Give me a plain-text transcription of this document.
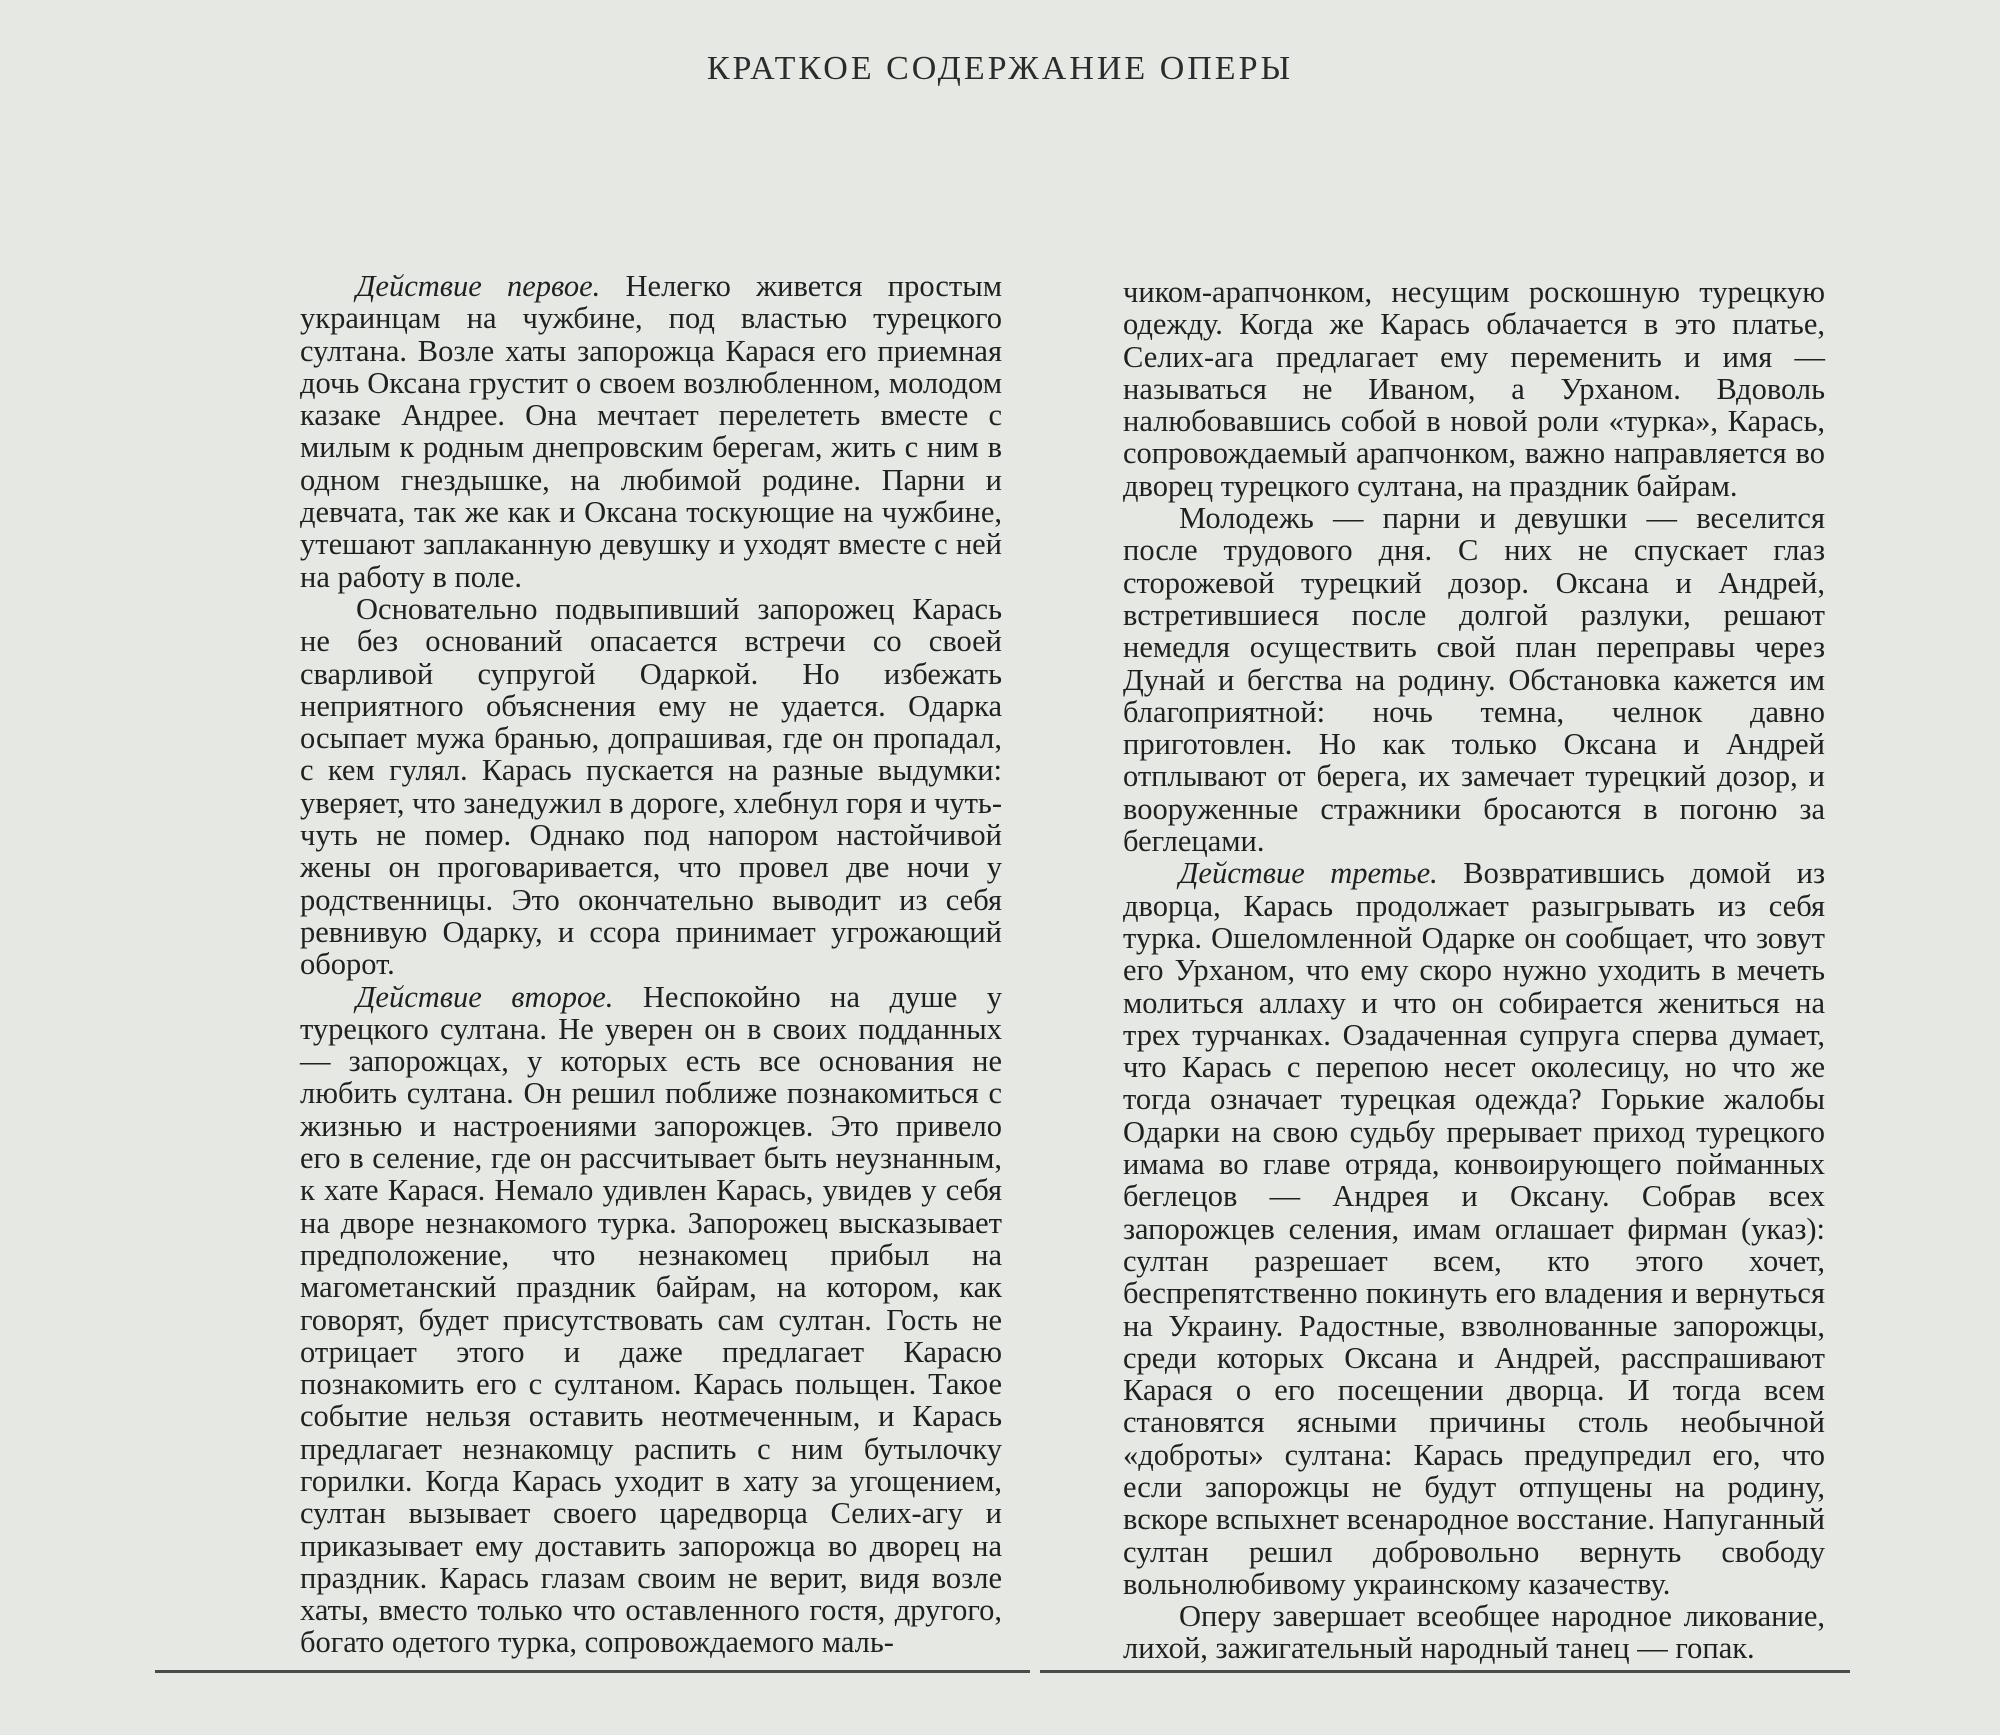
КРАТКОЕ СОДЕРЖАНИЕ ОПЕРЫ

Действие первое. Нелегко живется простым украинцам на чужбине, под властью турецкого султана. Возле хаты запорожца Карася его приемная дочь Оксана грустит о своем возлюбленном, молодом казаке Андрее. Она мечтает перелететь вместе с милым к родным днепровским берегам, жить с ним в одном гнездышке, на любимой родине. Парни и девчата, так же как и Оксана тоскующие на чужбине, утешают заплаканную девушку и уходят вместе с ней на работу в поле.

Основательно подвыпивший запорожец Карась не без оснований опасается встречи со своей сварливой супругой Одаркой. Но избежать неприятного объяснения ему не удается. Одарка осыпает мужа бранью, допрашивая, где он пропадал, с кем гулял. Карась пускается на разные выдумки: уверяет, что занедужил в дороге, хлебнул горя и чуть-чуть не помер. Однако под напором настойчивой жены он проговаривается, что провел две ночи у родственницы. Это окончательно выводит из себя ревнивую Одарку, и ссора принимает угрожающий оборот.

Действие второе. Неспокойно на душе у турецкого султана. Не уверен он в своих подданных — запорожцах, у которых есть все основания не любить султана. Он решил поближе познакомиться с жизнью и настроениями запорожцев. Это привело его в селение, где он рассчитывает быть неузнанным, к хате Карася. Немало удивлен Карась, увидев у себя на дворе незнакомого турка. Запорожец высказывает предположение, что незнакомец прибыл на магометанский праздник байрам, на котором, как говорят, будет присутствовать сам султан. Гость не отрицает этого и даже предлагает Карасю познакомить его с султаном. Карась польщен. Такое событие нельзя оставить неотмеченным, и Карась предлагает незнакомцу распить с ним бутылочку горилки. Когда Карась уходит в хату за угощением, султан вызывает своего царедворца Селих-агу и приказывает ему доставить запорожца во дворец на праздник. Карась глазам своим не верит, видя возле хаты, вместо только что оставленного гостя, другого, богато одетого турка, сопровождаемого маль-

чиком-арапчонком, несущим роскошную турецкую одежду. Когда же Карась облачается в это платье, Селих-ага предлагает ему переменить и имя — называться не Иваном, а Урханом. Вдоволь налюбовавшись собой в новой роли «турка», Карась, сопровождаемый арапчонком, важно направляется во дворец турецкого султана, на праздник байрам.

Молодежь — парни и девушки — веселится после трудового дня. С них не спускает глаз сторожевой турецкий дозор. Оксана и Андрей, встретившиеся после долгой разлуки, решают немедля осуществить свой план переправы через Дунай и бегства на родину. Обстановка кажется им благоприятной: ночь темна, челнок давно приготовлен. Но как только Оксана и Андрей отплывают от берега, их замечает турецкий дозор, и вооруженные стражники бросаются в погоню за беглецами.

Действие третье. Возвратившись домой из дворца, Карась продолжает разыгрывать из себя турка. Ошеломленной Одарке он сообщает, что зовут его Урханом, что ему скоро нужно уходить в мечеть молиться аллаху и что он собирается жениться на трех турчанках. Озадаченная супруга сперва думает, что Карась с перепою несет околесицу, но что же тогда означает турецкая одежда? Горькие жалобы Одарки на свою судьбу прерывает приход турецкого имама во главе отряда, конвоирующего пойманных беглецов — Андрея и Оксану. Собрав всех запорожцев селения, имам оглашает фирман (указ): султан разрешает всем, кто этого хочет, беспрепятственно покинуть его владения и вернуться на Украину. Радостные, взволнованные запорожцы, среди которых Оксана и Андрей, расспрашивают Карася о его посещении дворца. И тогда всем становятся ясными причины столь необычной «доброты» султана: Карась предупредил его, что если запорожцы не будут отпущены на родину, вскоре вспыхнет всенародное восстание. Напуганный султан решил добровольно вернуть свободу вольнолюбивому украинскому казачеству.

Оперу завершает всеобщее народное ликование, лихой, зажигательный народный танец — гопак.
